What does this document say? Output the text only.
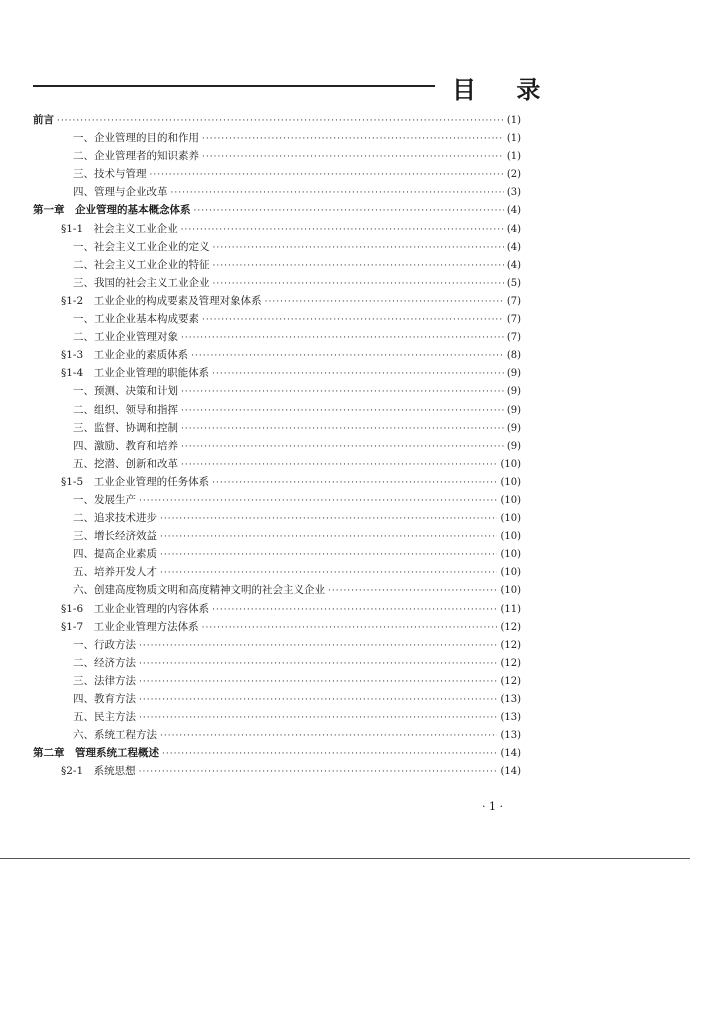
目 录
前言 ·····	(1)
一、企业管理的目的和作用 ·····	(1)
二、企业管理者的知识素养 ·····	(1)
三、技术与管理 ·····	(2)
四、管理与企业改革 ·····	(3)
第一章　企业管理的基本概念体系 ·····	(4)
§1-1　社会主义工业企业 ·····	(4)
一、社会主义工业企业的定义 ·····	(4)
二、社会主义工业企业的特征 ·····	(4)
三、我国的社会主义工业企业 ·····	(5)
§1-2　工业企业的构成要素及管理对象体系 ·····	(7)
一、工业企业基本构成要素 ·····	(7)
二、工业企业管理对象 ·····	(7)
§1-3　工业企业的素质体系 ·····	(8)
§1-4　工业企业管理的职能体系 ·····	(9)
一、预测、决策和计划 ·····	(9)
二、组织、领导和指挥 ·····	(9)
三、监督、协调和控制 ·····	(9)
四、激励、教育和培养 ·····	(9)
五、挖潜、创新和改革 ·····	(10)
§1-5　工业企业管理的任务体系 ·····	(10)
一、发展生产 ·····	(10)
二、追求技术进步 ·····	(10)
三、增长经济效益 ·····	(10)
四、提高企业素质 ·····	(10)
五、培养开发人才 ·····	(10)
六、创建高度物质文明和高度精神文明的社会主义企业 ·····	(10)
§1-6　工业企业管理的内容体系 ·····	(11)
§1-7　工业企业管理方法体系 ·····	(12)
一、行政方法 ·····	(12)
二、经济方法 ·····	(12)
三、法律方法 ·····	(12)
四、教育方法 ·····	(13)
五、民主方法 ·····	(13)
六、系统工程方法 ·····	(13)
第二章　管理系统工程概述 ·····	(14)
§2-1　系统思想 ·····	(14)
· 1 ·
